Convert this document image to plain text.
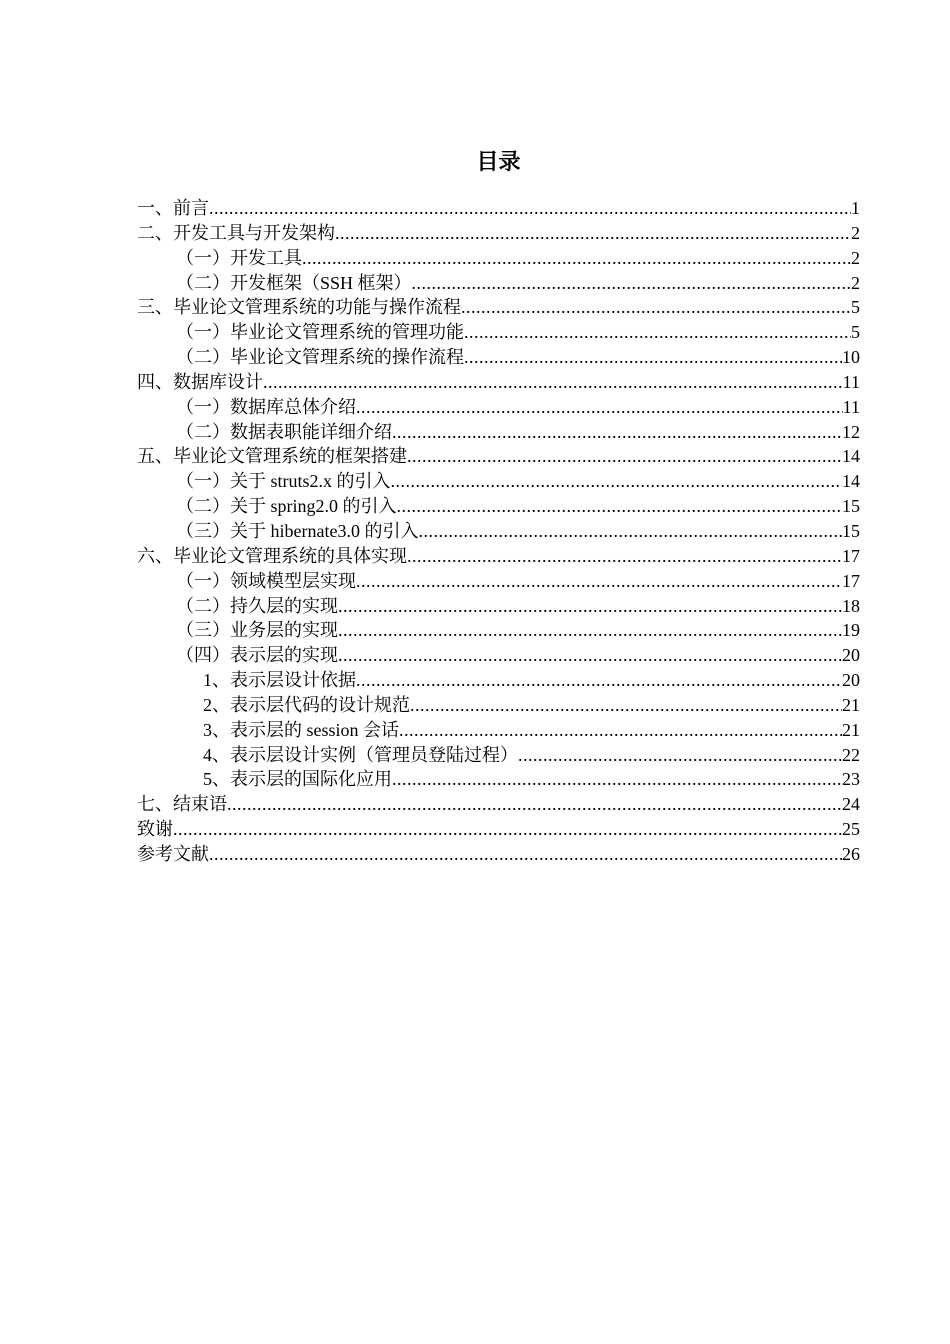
目录
一、前言 .....	1
二、开发工具与开发架构 .....	2
（一）开发工具 .....	2
（二）开发框架（SSH 框架） .....	2
三、毕业论文管理系统的功能与操作流程 .....	5
（一）毕业论文管理系统的管理功能 .....	5
（二）毕业论文管理系统的操作流程 .....	10
四、数据库设计 .....	11
（一）数据库总体介绍 .....	11
（二）数据表职能详细介绍 .....	12
五、毕业论文管理系统的框架搭建 .....	14
（一）关于 struts2.x 的引入 .....	14
（二）关于 spring2.0 的引入 .....	15
（三）关于 hibernate3.0 的引入 .....	15
六、毕业论文管理系统的具体实现 .....	17
（一）领域模型层实现 .....	17
（二）持久层的实现 .....	18
（三）业务层的实现 .....	19
（四）表示层的实现 .....	20
1、表示层设计依据 .....	20
2、表示层代码的设计规范 .....	21
3、表示层的 session 会话 .....	21
4、表示层设计实例（管理员登陆过程） .....	22
5、表示层的国际化应用 .....	23
七、结束语 .....	24
致谢 .....	25
参考文献 .....	26
